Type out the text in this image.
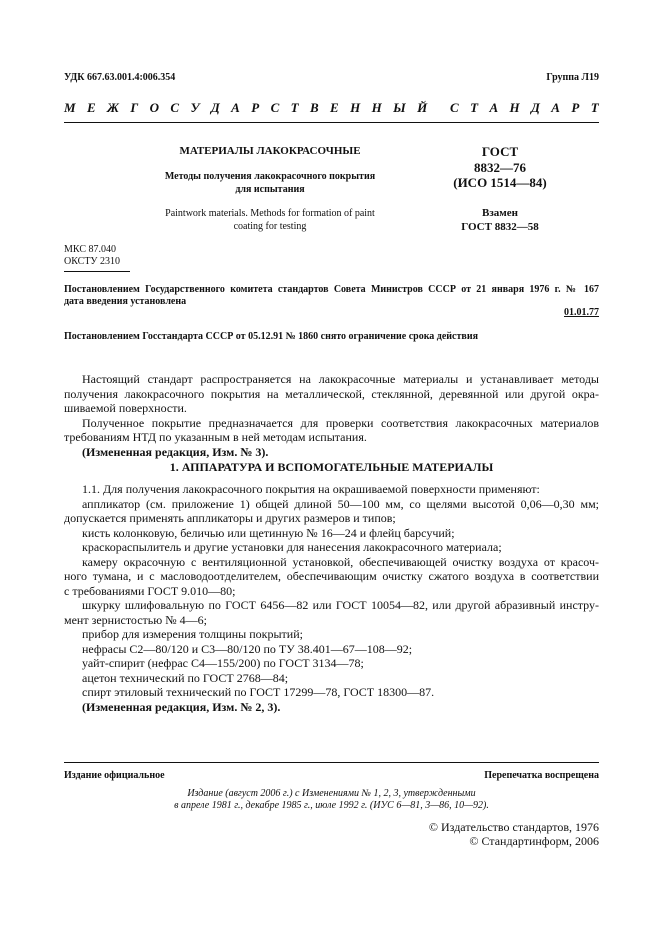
УДК 667.63.001.4:006.354	Группа Л19
М Е Ж Г О С У Д А Р С Т В Е Н Н Ы Й С Т А Н Д А Р Т
МАТЕРИАЛЫ ЛАКОКРАСОЧНЫЕ
Методы получения лакокрасочного покрытия
для испытания
Paintwork materials. Methods for formation of paint
coating for testing
ГОСТ
8832—76
(ИСО 1514—84)
Взамен
ГОСТ 8832—58
МКС 87.040
ОКСТУ 2310
Постановлением Государственного комитета стандартов Совета Министров СССР от 21 января 1976 г. № 167
дата введения установлена
01.01.77
Постановлением Госстандарта СССР от 05.12.91 № 1860 снято ограничение срока действия

Настоящий стандарт распространяется на лакокрасочные материалы и устанавливает методы

получения лакокрасочного покрытия на металлической, стеклянной, деревянной или другой окра-

шиваемой поверхности.

Полученное покрытие предназначается для проверки соответствия лакокрасочных материалов

требованиям НТД по указанным в ней методам испытания.

(Измененная редакция, Изм. № 3).

1. АППАРАТУРА И ВСПОМОГАТЕЛЬНЫЕ МАТЕРИАЛЫ

1.1. Для получения лакокрасочного покрытия на окрашиваемой поверхности применяют:

аппликатор (см. приложение 1) общей длиной 50—100 мм, со щелями высотой 0,06—0,30 мм;

допускается применять аппликаторы и других размеров и типов;

кисть колонковую, беличью или щетинную № 16—24 и флейц барсучий;

краскораспылитель и другие установки для нанесения лакокрасочного материала;

камеру окрасочную с вентиляционной установкой, обеспечивающей очистку воздуха от красоч-

ного тумана, и с масловодоотделителем, обеспечивающим очистку сжатого воздуха в соответствии

с требованиями ГОСТ 9.010—80;

шкурку шлифовальную по ГОСТ 6456—82 или ГОСТ 10054—82, или другой абразивный инстру-

мент зернистостью № 4—6;

прибор для измерения толщины покрытий;

нефрасы С2—80/120 и С3—80/120 по ТУ 38.401—67—108—92;

уайт-спирит (нефрас С4—155/200) по ГОСТ 3134—78;

ацетон технический по ГОСТ 2768—84;

спирт этиловый технический по ГОСТ 17299—78, ГОСТ 18300—87.

(Измененная редакция, Изм. № 2, 3).

Издание официальное	Перепечатка воспрещена
Издание (август 2006 г.) с Изменениями № 1, 2, 3, утвержденными
в апреле 1981 г., декабре 1985 г., июле 1992 г. (ИУС 6—81, 3—86, 10—92).
© Издательство стандартов, 1976
© Стандартинформ, 2006
